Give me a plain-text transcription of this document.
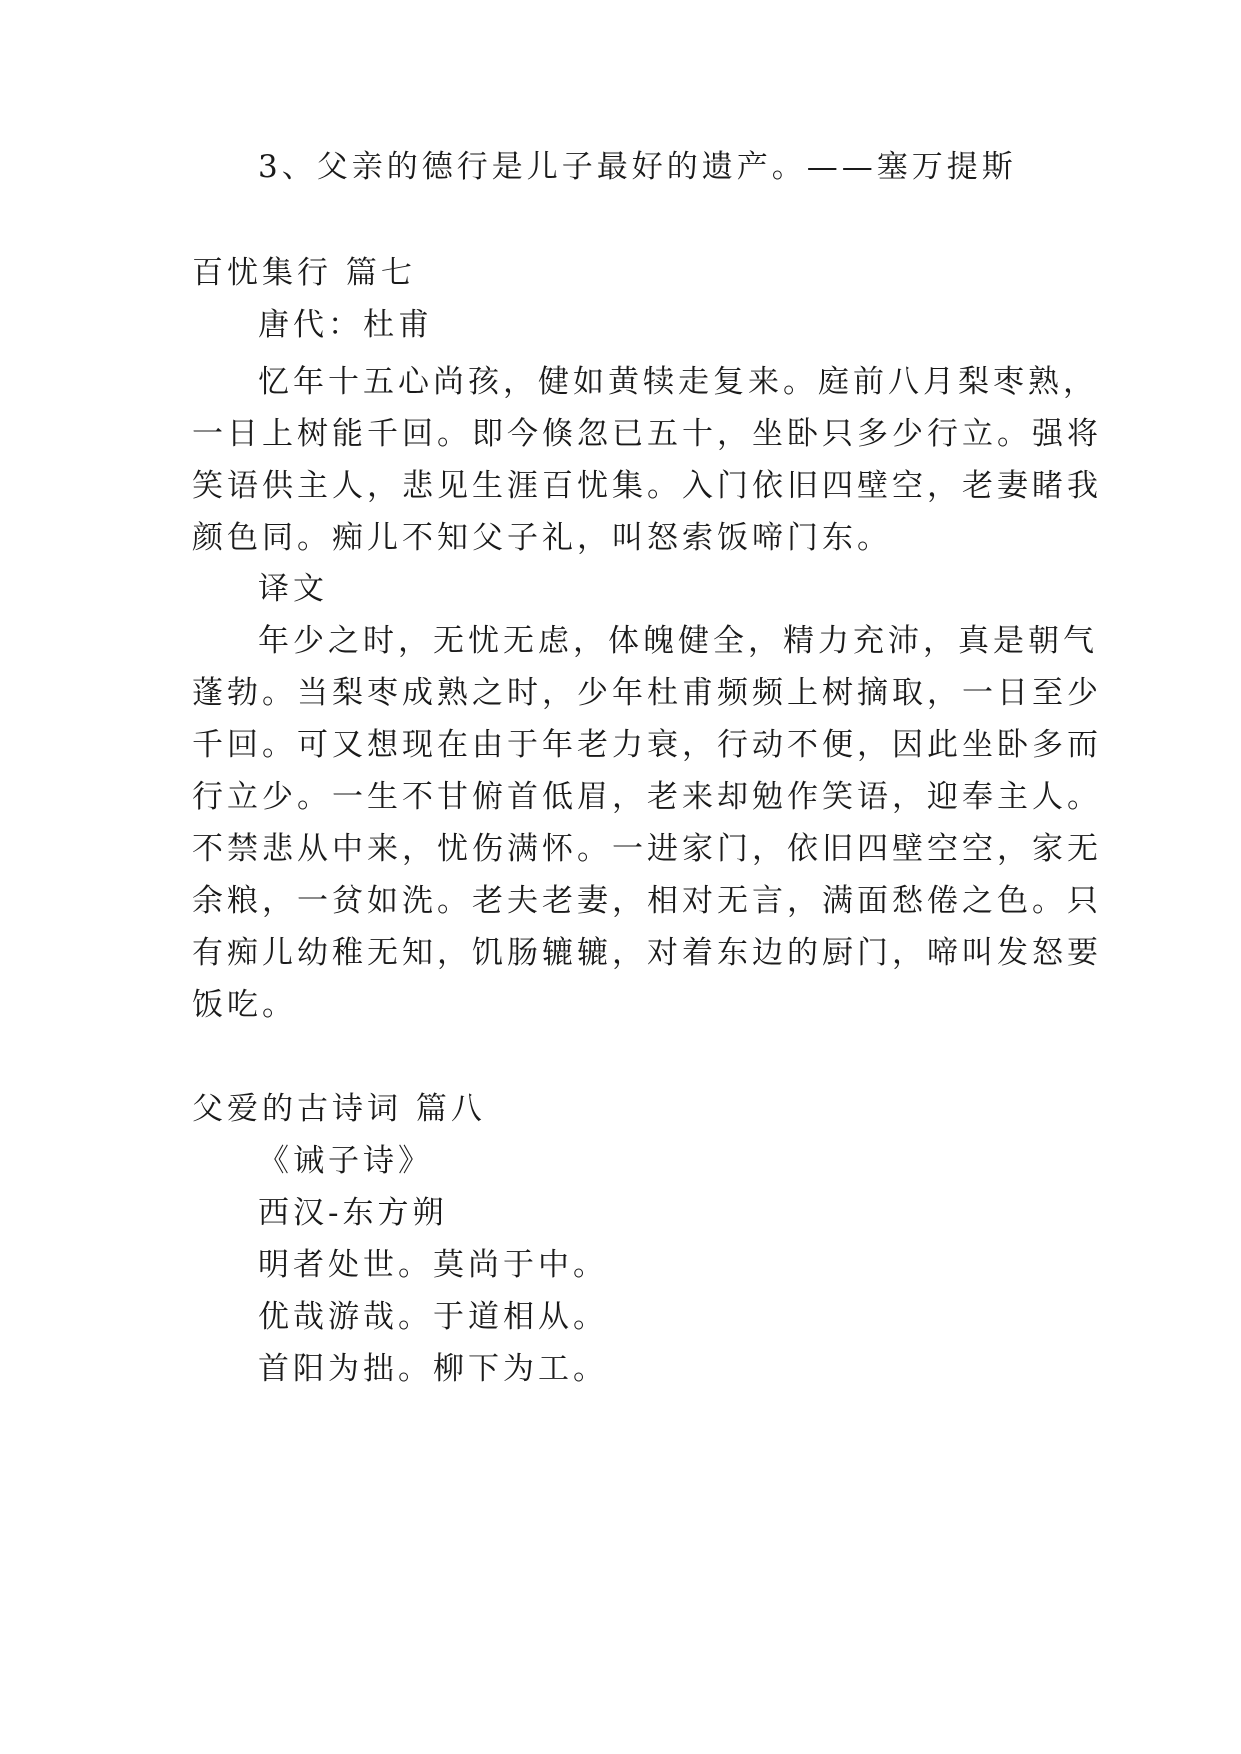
3、父亲的德行是儿子最好的遗产。——塞万提斯
百忧集行 篇七
唐代：杜甫
忆年十五心尚孩，健如黄犊走复来。庭前八月梨枣熟，
一日上树能千回。即今倏忽已五十，坐卧只多少行立。强将
笑语供主人，悲见生涯百忧集。入门依旧四壁空，老妻睹我
颜色同。痴儿不知父子礼，叫怒索饭啼门东。
译文
年少之时，无忧无虑，体魄健全，精力充沛，真是朝气
蓬勃。当梨枣成熟之时，少年杜甫频频上树摘取，一日至少
千回。可又想现在由于年老力衰，行动不便，因此坐卧多而
行立少。一生不甘俯首低眉，老来却勉作笑语，迎奉主人。
不禁悲从中来，忧伤满怀。一进家门，依旧四壁空空，家无
余粮，一贫如洗。老夫老妻，相对无言，满面愁倦之色。只
有痴儿幼稚无知，饥肠辘辘，对着东边的厨门，啼叫发怒要
饭吃。
父爱的古诗词 篇八
《诫子诗》
西汉-东方朔
明者处世。莫尚于中。
优哉游哉。于道相从。
首阳为拙。柳下为工。
